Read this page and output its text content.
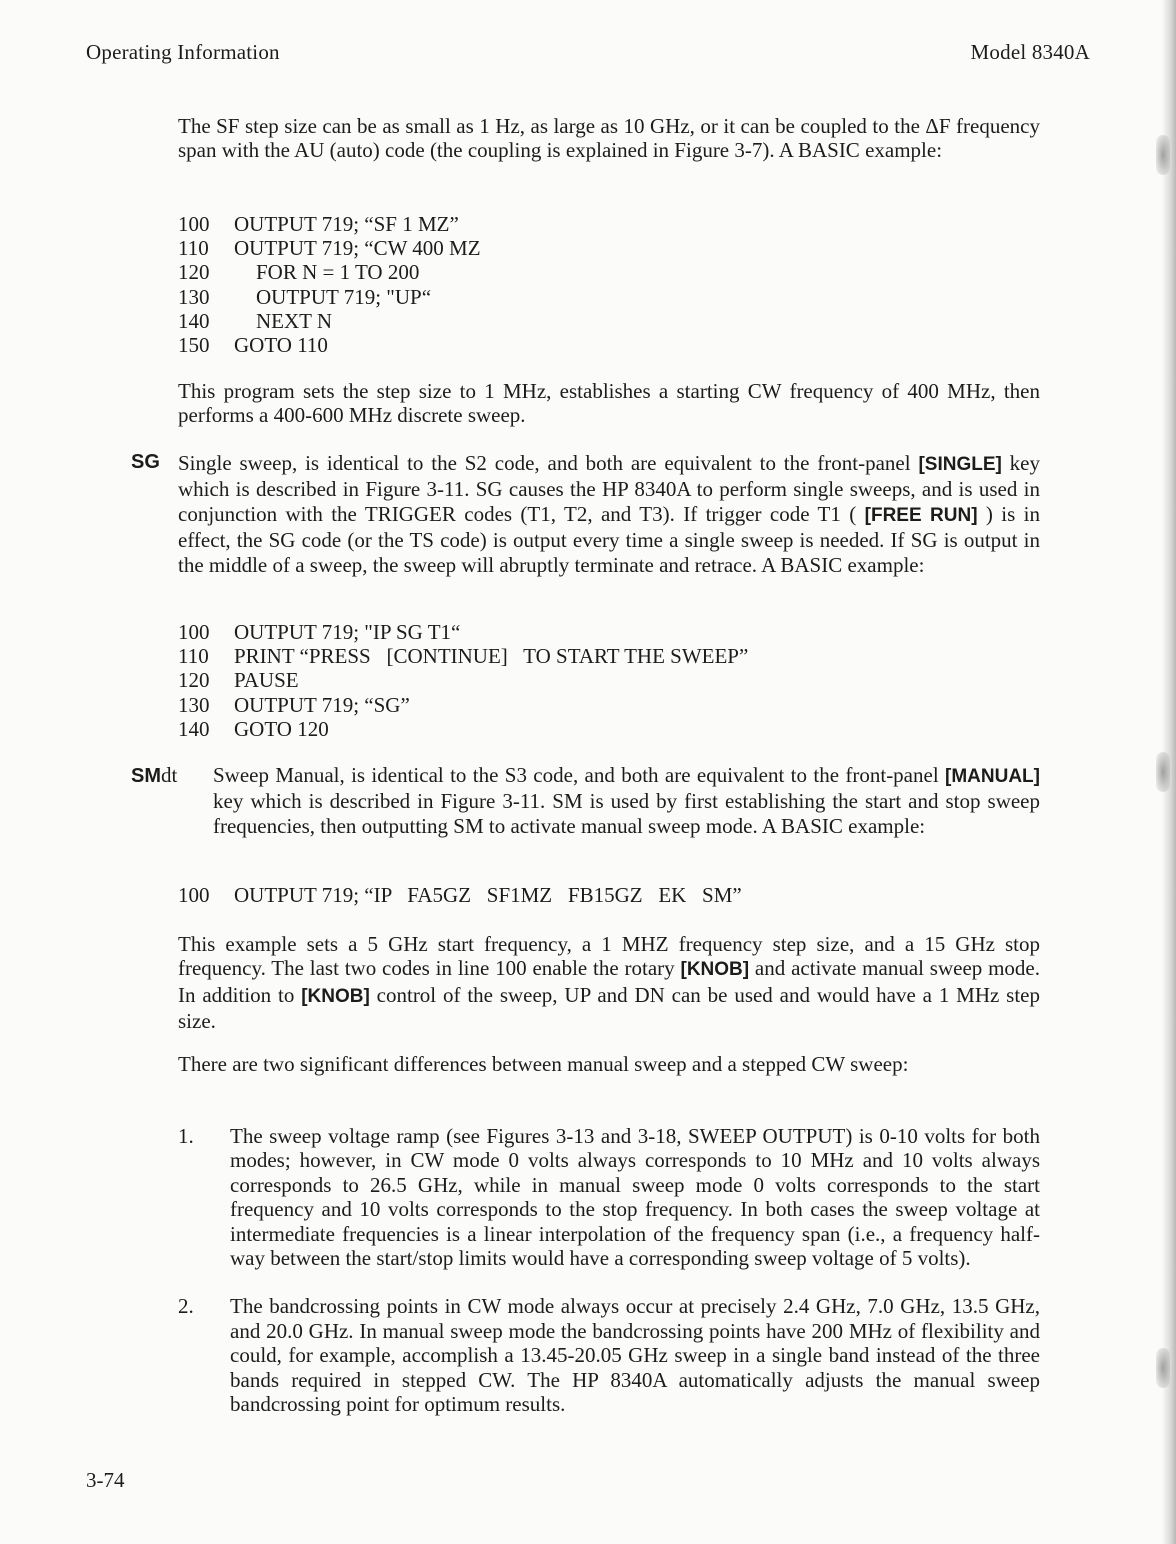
Operating Information	Model 8340A

The SF step size can be as small as 1 Hz, as large as 10 GHz, or it can be coupled to the ΔF frequency span with the AU (auto) code (the coupling is explained in Figure 3-7). A BASIC example:

100	OUTPUT 719; “SF 1 MZ”
110	OUTPUT 719; “CW 400 MZ
120	FOR N = 1 TO 200
130	OUTPUT 719; "UP“
140	NEXT N
150	GOTO 110

This program sets the step size to 1 MHz, establishes a starting CW frequency of 400 MHz, then performs a 400-600 MHz discrete sweep.

SG Single sweep, is identical to the S2 code, and both are equivalent to the front-panel [SINGLE] key which is described in Figure 3-11. SG causes the HP 8340A to perform single sweeps, and is used in conjunction with the TRIGGER codes (T1, T2, and T3). If trigger code T1 ( [FREE RUN] ) is in effect, the SG code (or the TS code) is output every time a single sweep is needed. If SG is output in the middle of a sweep, the sweep will abruptly terminate and retrace. A BASIC example:

100	OUTPUT 719; "IP SG T1“
110	PRINT “PRESS   [CONTINUE]   TO START THE SWEEP”
120	PAUSE
130	OUTPUT 719; “SG”
140	GOTO 120
SMdt Sweep Manual, is identical to the S3 code, and both are equivalent to the front-panel [MANUAL] key which is described in Figure 3-11. SM is used by first establishing the start and stop sweep frequencies, then outputting SM to activate manual sweep mode. A BASIC example:

100	OUTPUT 719; “IP   FA5GZ   SF1MZ   FB15GZ   EK   SM”

This example sets a 5 GHz start frequency, a 1 MHZ frequency step size, and a 15 GHz stop frequency. The last two codes in line 100 enable the rotary [KNOB] and activate manual sweep mode. In addition to [KNOB] control of the sweep, UP and DN can be used and would have a 1 MHz step size.

There are two significant differences between manual sweep and a stepped CW sweep:

1.	The sweep voltage ramp (see Figures 3-13 and 3-18, SWEEP OUTPUT) is 0-10 volts for both modes; however, in CW mode 0 volts always corresponds to 10 MHz and 10 volts always corresponds to 26.5 GHz, while in manual sweep mode 0 volts corresponds to the start frequency and 10 volts corresponds to the stop frequency. In both cases the sweep voltage at intermediate frequencies is a linear interpolation of the frequency span (i.e., a frequency half-way between the start/stop limits would have a corresponding sweep voltage of 5 volts).
2.	The bandcrossing points in CW mode always occur at precisely 2.4 GHz, 7.0 GHz, 13.5 GHz, and 20.0 GHz. In manual sweep mode the bandcrossing points have 200 MHz of flexibility and could, for example, accomplish a 13.45-20.05 GHz sweep in a single band instead of the three bands required in stepped CW. The HP 8340A automatically adjusts the manual sweep bandcrossing point for optimum results.
3-74
